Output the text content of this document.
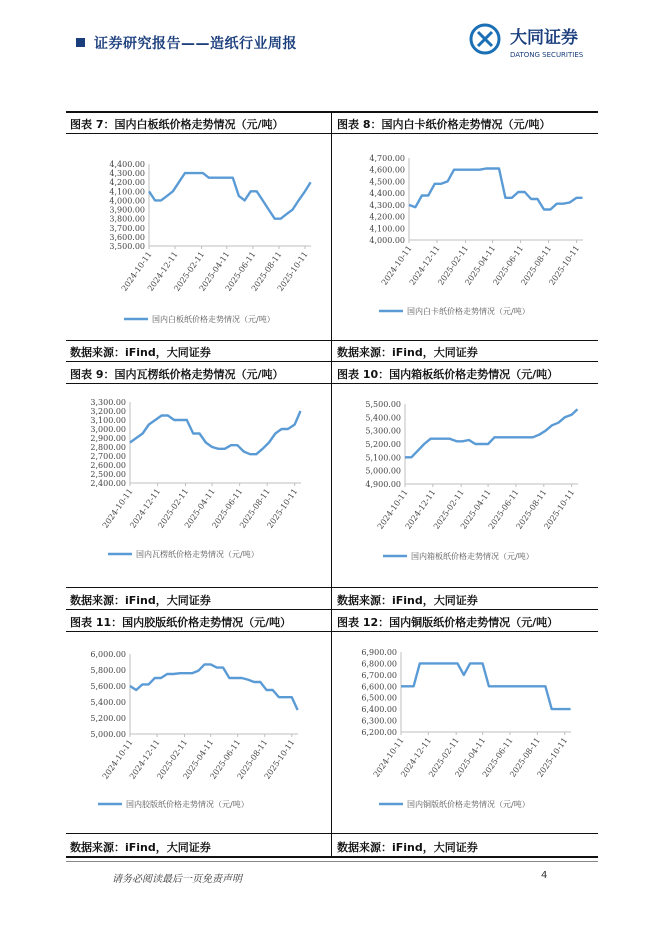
证券研究报告——造纸行业周报	大同证券
DATONG SECURITIES
图表 7：国内白板纸价格走势情况（元/吨）	图表 8：国内白卡纸价格走势情况（元/吨）
图表 9：国内瓦楞纸价格走势情况（元/吨）	图表 10：国内箱板纸价格走势情况（元/吨）
图表 11：国内胶版纸价格走势情况（元/吨）	图表 12：国内铜版纸价格走势情况（元/吨）
3,500.00
3,600.00
3,700.00
3,800.00
3,900.00
4,000.00
4,100.00
4,200.00
4,300.00
4,400.00
2024-10-11
2024-12-11
2025-02-11
2025-04-11
2025-06-11
2025-08-11
2025-10-11
国内白板纸价格走势情况（元/吨）
4,000.00
4,100.00
4,200.00
4,300.00
4,400.00
4,500.00
4,600.00
4,700.00
2024-10-11
2024-12-11
2025-02-11
2025-04-11
2025-06-11
2025-08-11
2025-10-11
国内白卡纸价格走势情况（元/吨）
2,400.00
2,500.00
2,600.00
2,700.00
2,800.00
2,900.00
3,000.00
3,100.00
3,200.00
3,300.00
2024-10-11
2024-12-11
2025-02-11
2025-04-11
2025-06-11
2025-08-11
2025-10-11
国内瓦楞纸价格走势情况（元/吨）
4,900.00
5,000.00
5,100.00
5,200.00
5,300.00
5,400.00
5,500.00
2024-10-11
2024-12-11
2025-02-11
2025-04-11
2025-06-11
2025-08-11
2025-10-11
国内箱板纸价格走势情况（元/吨）
5,000.00
5,200.00
5,400.00
5,600.00
5,800.00
6,000.00
2024-10-11
2024-12-11
2025-02-11
2025-04-11
2025-06-11
2025-08-11
2025-10-11
国内胶版纸价格走势情况（元/吨）
6,200.00
6,300.00
6,400.00
6,500.00
6,600.00
6,700.00
6,800.00
6,900.00
2024-10-11
2024-12-11
2025-02-11
2025-04-11
2025-06-11
2025-08-11
2025-10-11
国内铜版纸价格走势情况（元/吨）
数据来源：iFind，大同证券	数据来源：iFind，大同证券
数据来源：iFind，大同证券	数据来源：iFind，大同证券
数据来源：iFind，大同证券	数据来源：iFind，大同证券
请务必阅读最后一页免责声明	4
